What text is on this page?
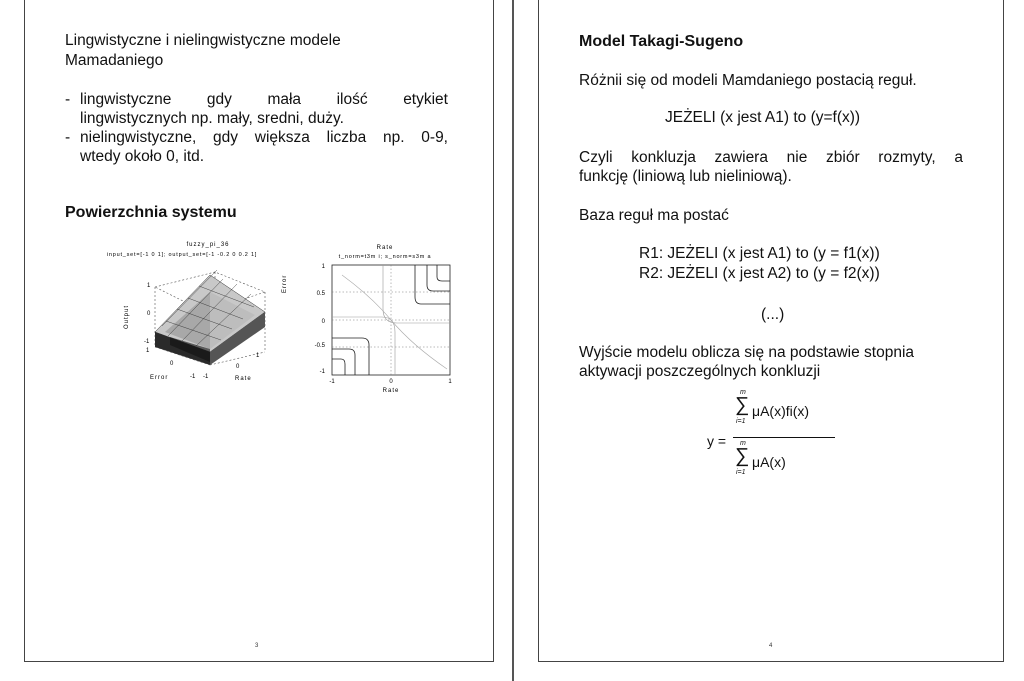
Lingwistyczne i nielingwistyczne modele
Mamadaniego
- lingwistyczne gdy mała ilość etykiet
lingwistycznych np. mały, sredni, duży.
- nielingwistyczne, gdy większa liczba np. 0-9,
wtedy około 0, itd.
Powierzchnia systemu
fuzzy_pi_36
input_set=[-1 0 1]; output_set=[-1 -0.2 0 0.2 1]
Output
1
0
-1
1
0
-1 -1
0
1
Error	Rate
Rate
t_norm=t3m i; s_norm=s3m a
Error
1
0.5
0
-0.5
-1
-1	0	1
Rate
3
Model Takagi-Sugeno
Różnii się od modeli Mamdaniego postacią reguł.
JEŻELI (x jest A1) to (y=f(x))
Czyli konkluzja zawiera nie zbiór rozmyty, a
funkcję (liniową lub nieliniową).
Baza reguł ma postać
R1: JEŻELI (x jest A1) to (y = f1(x))
R2: JEŻELI (x jest A2) to (y = f2(x))
(...)
Wyjście modelu oblicza się na podstawie stopnia
aktywacji poszczególnych konkluzji
y =
m
∑
i=1
μA(x)fi(x)
m
∑
i=1
μA(x)
4
